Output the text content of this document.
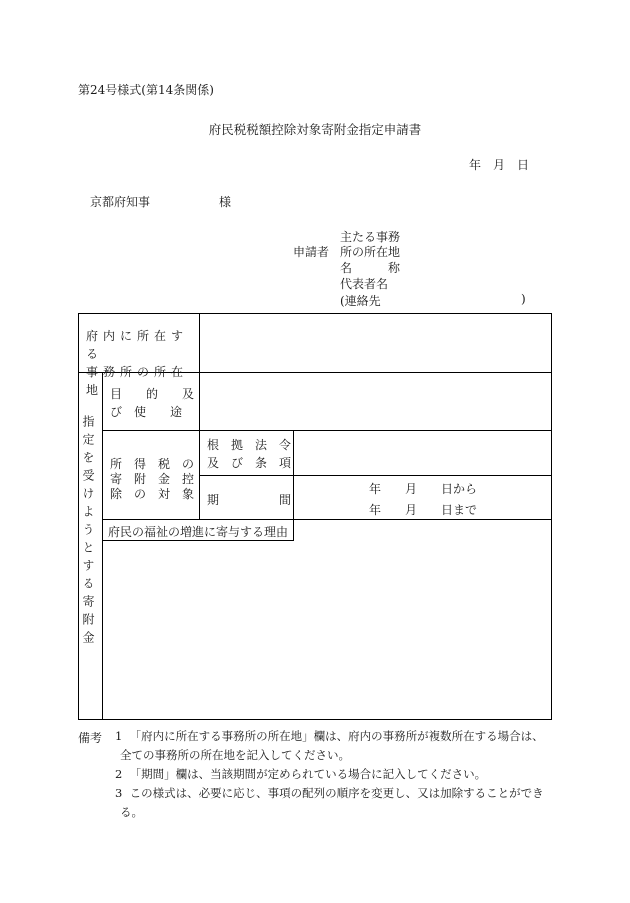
第24号様式(第14条関係)
府民税税額控除対象寄附金指定申請書
年　月　日
京都府知事	様
申請者
主たる事務
所の所在地
名　　　称
代表者名
(連絡先	)
府内に所在する
事務所の所在地
指定を受けようとする寄附金
目　　的　　及
び　使　　途
所　得　税　の
寄　附　金　控
除　の　対　象
根　拠　法　令
及　び　条　項
期　　　　　間
年　　月　　日から
年　　月　　日まで
府民の福祉の増進に寄与する理由
備考 1 「府内に所在する事務所の所在地」欄は、府内の事務所が複数所在する場合は、
全ての事務所の所在地を記入してください。
2 「期間」欄は、当該期間が定められている場合に記入してください。
3 この様式は、必要に応じ、事項の配列の順序を変更し、又は加除することができ
る。
